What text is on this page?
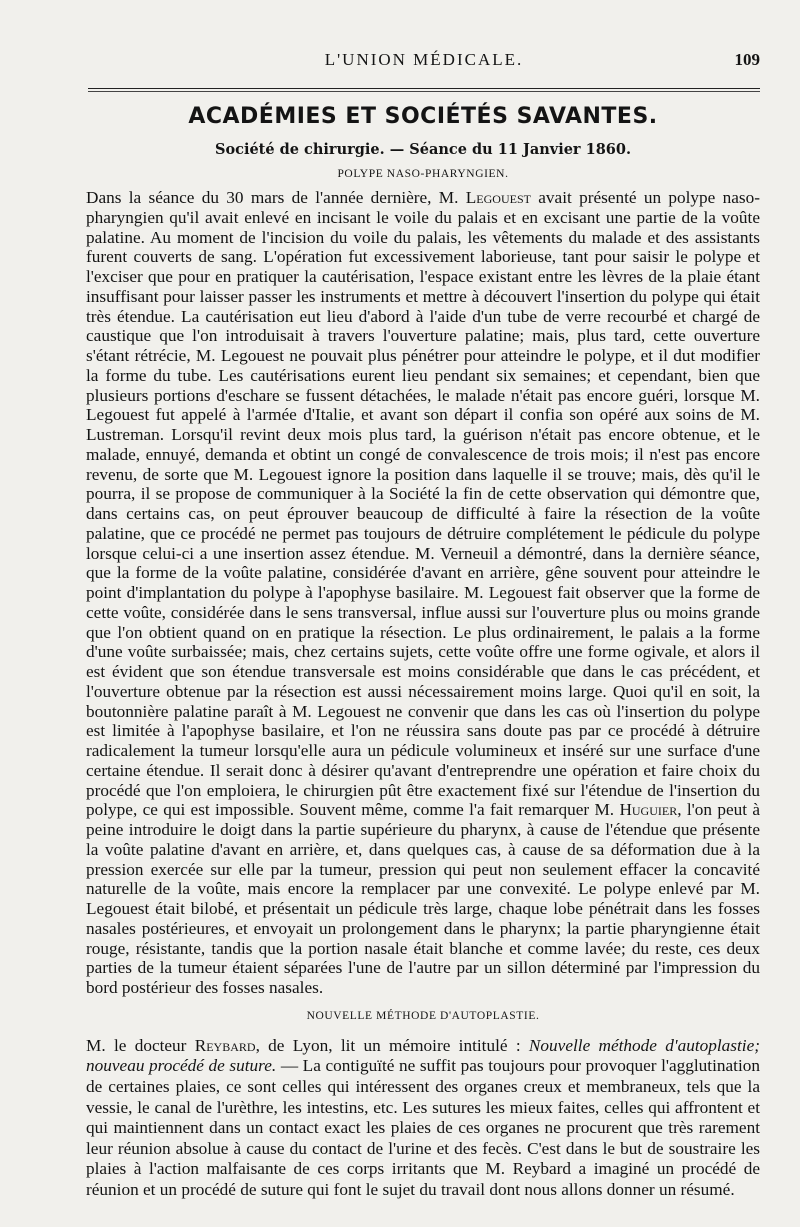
L'UNION MÉDICALE.	109
ACADÉMIES ET SOCIÉTÉS SAVANTES.
Société de chirurgie. — Séance du 11 Janvier 1860.
POLYPE NASO-PHARYNGIEN.
Dans la séance du 30 mars de l'année dernière, M. Legouest avait présenté un polype naso-pharyngien qu'il avait enlevé en incisant le voile du palais et en excisant une partie de la voûte palatine. Au moment de l'incision du voile du palais, les vêtements du malade et des assistants furent couverts de sang. L'opération fut excessivement laborieuse, tant pour saisir le polype et l'exciser que pour en pratiquer la cautérisation, l'espace existant entre les lèvres de la plaie étant insuffisant pour laisser passer les instruments et mettre à découvert l'insertion du polype qui était très étendue. La cautérisation eut lieu d'abord à l'aide d'un tube de verre recourbé et chargé de caustique que l'on introduisait à travers l'ouverture palatine; mais, plus tard, cette ouverture s'étant rétrécie, M. Legouest ne pouvait plus pénétrer pour atteindre le polype, et il dut modifier la forme du tube. Les cautérisations eurent lieu pendant six semaines; et cependant, bien que plusieurs portions d'eschare se fussent détachées, le malade n'était pas encore guéri, lorsque M. Legouest fut appelé à l'armée d'Italie, et avant son départ il confia son opéré aux soins de M. Lustreman. Lorsqu'il revint deux mois plus tard, la guérison n'était pas encore obtenue, et le malade, ennuyé, demanda et obtint un congé de convalescence de trois mois; il n'est pas encore revenu, de sorte que M. Legouest ignore la position dans laquelle il se trouve; mais, dès qu'il le pourra, il se propose de communiquer à la Société la fin de cette observation qui démontre que, dans certains cas, on peut éprouver beaucoup de difficulté à faire la résection de la voûte palatine, que ce procédé ne permet pas toujours de détruire complétement le pédicule du polype lorsque celui-ci a une insertion assez étendue. M. Verneuil a démontré, dans la dernière séance, que la forme de la voûte palatine, considérée d'avant en arrière, gêne souvent pour atteindre le point d'implantation du polype à l'apophyse basilaire. M. Legouest fait observer que la forme de cette voûte, considérée dans le sens transversal, influe aussi sur l'ouverture plus ou moins grande que l'on obtient quand on en pratique la résection. Le plus ordinairement, le palais a la forme d'une voûte surbaissée; mais, chez certains sujets, cette voûte offre une forme ogivale, et alors il est évident que son étendue transversale est moins considérable que dans le cas précédent, et l'ouverture obtenue par la résection est aussi nécessairement moins large. Quoi qu'il en soit, la boutonnière palatine paraît à M. Legouest ne convenir que dans les cas où l'insertion du polype est limitée à l'apophyse basilaire, et l'on ne réussira sans doute pas par ce procédé à détruire radicalement la tumeur lorsqu'elle aura un pédicule volumineux et inséré sur une surface d'une certaine étendue. Il serait donc à désirer qu'avant d'entreprendre une opération et faire choix du procédé que l'on emploiera, le chirurgien pût être exactement fixé sur l'étendue de l'insertion du polype, ce qui est impossible. Souvent même, comme l'a fait remarquer M. Huguier, l'on peut à peine introduire le doigt dans la partie supérieure du pharynx, à cause de l'étendue que présente la voûte palatine d'avant en arrière, et, dans quelques cas, à cause de sa déformation due à la pression exercée sur elle par la tumeur, pression qui peut non seulement effacer la concavité naturelle de la voûte, mais encore la remplacer par une convexité. Le polype enlevé par M. Legouest était bilobé, et présentait un pédicule très large, chaque lobe pénétrait dans les fosses nasales postérieures, et envoyait un prolongement dans le pharynx; la partie pharyngienne était rouge, résistante, tandis que la portion nasale était blanche et comme lavée; du reste, ces deux parties de la tumeur étaient séparées l'une de l'autre par un sillon déterminé par l'impression du bord postérieur des fosses nasales.
NOUVELLE MÉTHODE D'AUTOPLASTIE.
M. le docteur Reybard, de Lyon, lit un mémoire intitulé : Nouvelle méthode d'autoplastie; nouveau procédé de suture. — La contiguïté ne suffit pas toujours pour provoquer l'agglutination de certaines plaies, ce sont celles qui intéressent des organes creux et membraneux, tels que la vessie, le canal de l'urèthre, les intestins, etc. Les sutures les mieux faites, celles qui affrontent et qui maintiennent dans un contact exact les plaies de ces organes ne procurent que très rarement leur réunion absolue à cause du contact de l'urine et des fecès. C'est dans le but de soustraire les plaies à l'action malfaisante de ces corps irritants que M. Reybard a imaginé un procédé de réunion et un procédé de suture qui font le sujet du travail dont nous allons donner un résumé.
